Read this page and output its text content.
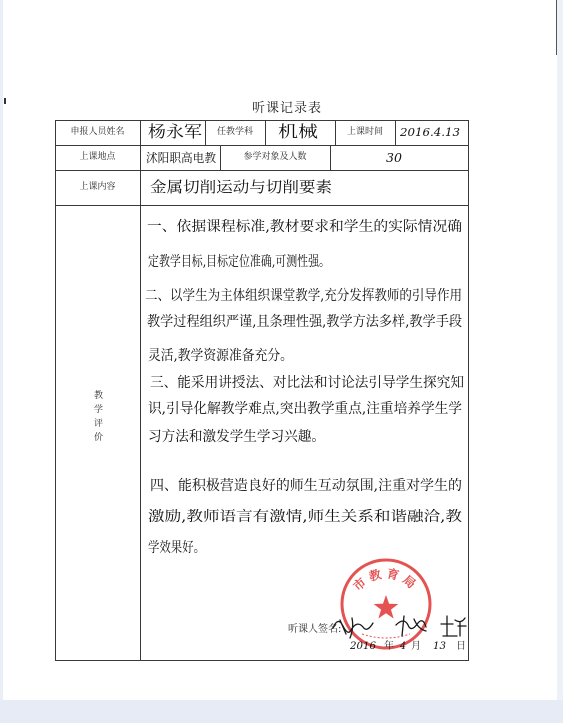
听课记录表
申报人员姓名	杨永军	任教学科	机械	上课时间	2016.4.13
上课地点	沭阳职高电教	参学对象及人数	30
上课内容	金属切削运动与切削要素
教学评价
一、依据课程标准,教材要求和学生的实际情况确
定教学目标,目标定位准确,可测性强。
二、以学生为主体组织课堂教学,充分发挥教师的引导作用
教学过程组织严谨,且条理性强,教学方法多样,教学手段
灵活,教学资源准备充分。
三、能采用讲授法、对比法和讨论法引导学生探究知
识,引导化解教学难点,突出教学重点,注重培养学生学
习方法和激发学生学习兴趣。
四、能积极营造良好的师生互动氛围,注重对学生的
激励,教师语言有激情,师生关系和谐融洽,教
学效果好。
听课人签名:
市教育局
2016 年 4 月 13 日
